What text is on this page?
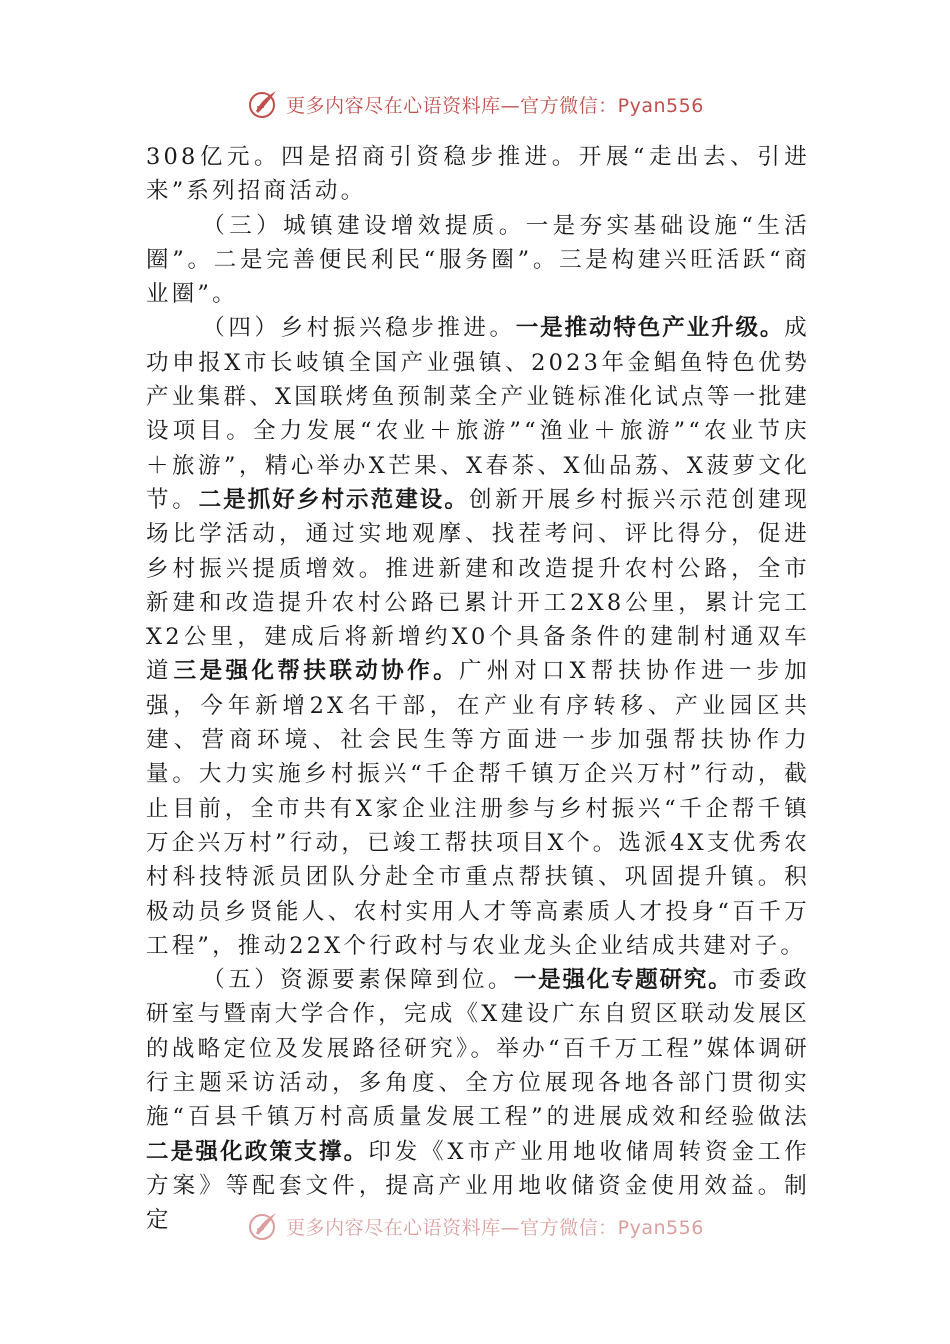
更多内容尽在心语资料库—官方微信：Pyan556

308亿元。四是招商引资稳步推进。开展“走出去、引进来”系列招商活动。

（三）城镇建设增效提质。一是夯实基础设施“生活圈”。二是完善便民利民“服务圈”。三是构建兴旺活跃“商业圈”。

（四）乡村振兴稳步推进。一是推动特色产业升级。成功申报X市长岐镇全国产业强镇、2023年金鲳鱼特色优势产业集群、X国联烤鱼预制菜全产业链标准化试点等一批建设项目。全力发展“农业＋旅游”“渔业＋旅游”“农业节庆＋旅游”，精心举办X芒果、X春茶、X仙品荔、X菠萝文化节。二是抓好乡村示范建设。创新开展乡村振兴示范创建现场比学活动，通过实地观摩、找茬考问、评比得分，促进乡村振兴提质增效。推进新建和改造提升农村公路，全市新建和改造提升农村公路已累计开工2X8公里，累计完工X2公里，建成后将新增约X0个具备条件的建制村通双车道三是强化帮扶联动协作。广州对口X帮扶协作进一步加强，今年新增2X名干部，在产业有序转移、产业园区共建、营商环境、社会民生等方面进一步加强帮扶协作力量。大力实施乡村振兴“千企帮千镇万企兴万村”行动，截止目前，全市共有X家企业注册参与乡村振兴“千企帮千镇万企兴万村”行动，已竣工帮扶项目X个。选派4X支优秀农村科技特派员团队分赴全市重点帮扶镇、巩固提升镇。积极动员乡贤能人、农村实用人才等高素质人才投身“百千万工程”，推动22X个行政村与农业龙头企业结成共建对子。

（五）资源要素保障到位。一是强化专题研究。市委政研室与暨南大学合作，完成《X建设广东自贸区联动发展区的战略定位及发展路径研究》。举办“百千万工程”媒体调研行主题采访活动，多角度、全方位展现各地各部门贯彻实施“百县千镇万村高质量发展工程”的进展成效和经验做法二是强化政策支撑。印发《X市产业用地收储周转资金工作方案》等配套文件，提高产业用地收储资金使用效益。制定	更多内容尽在心语资料库—官方微信：Pyan556
